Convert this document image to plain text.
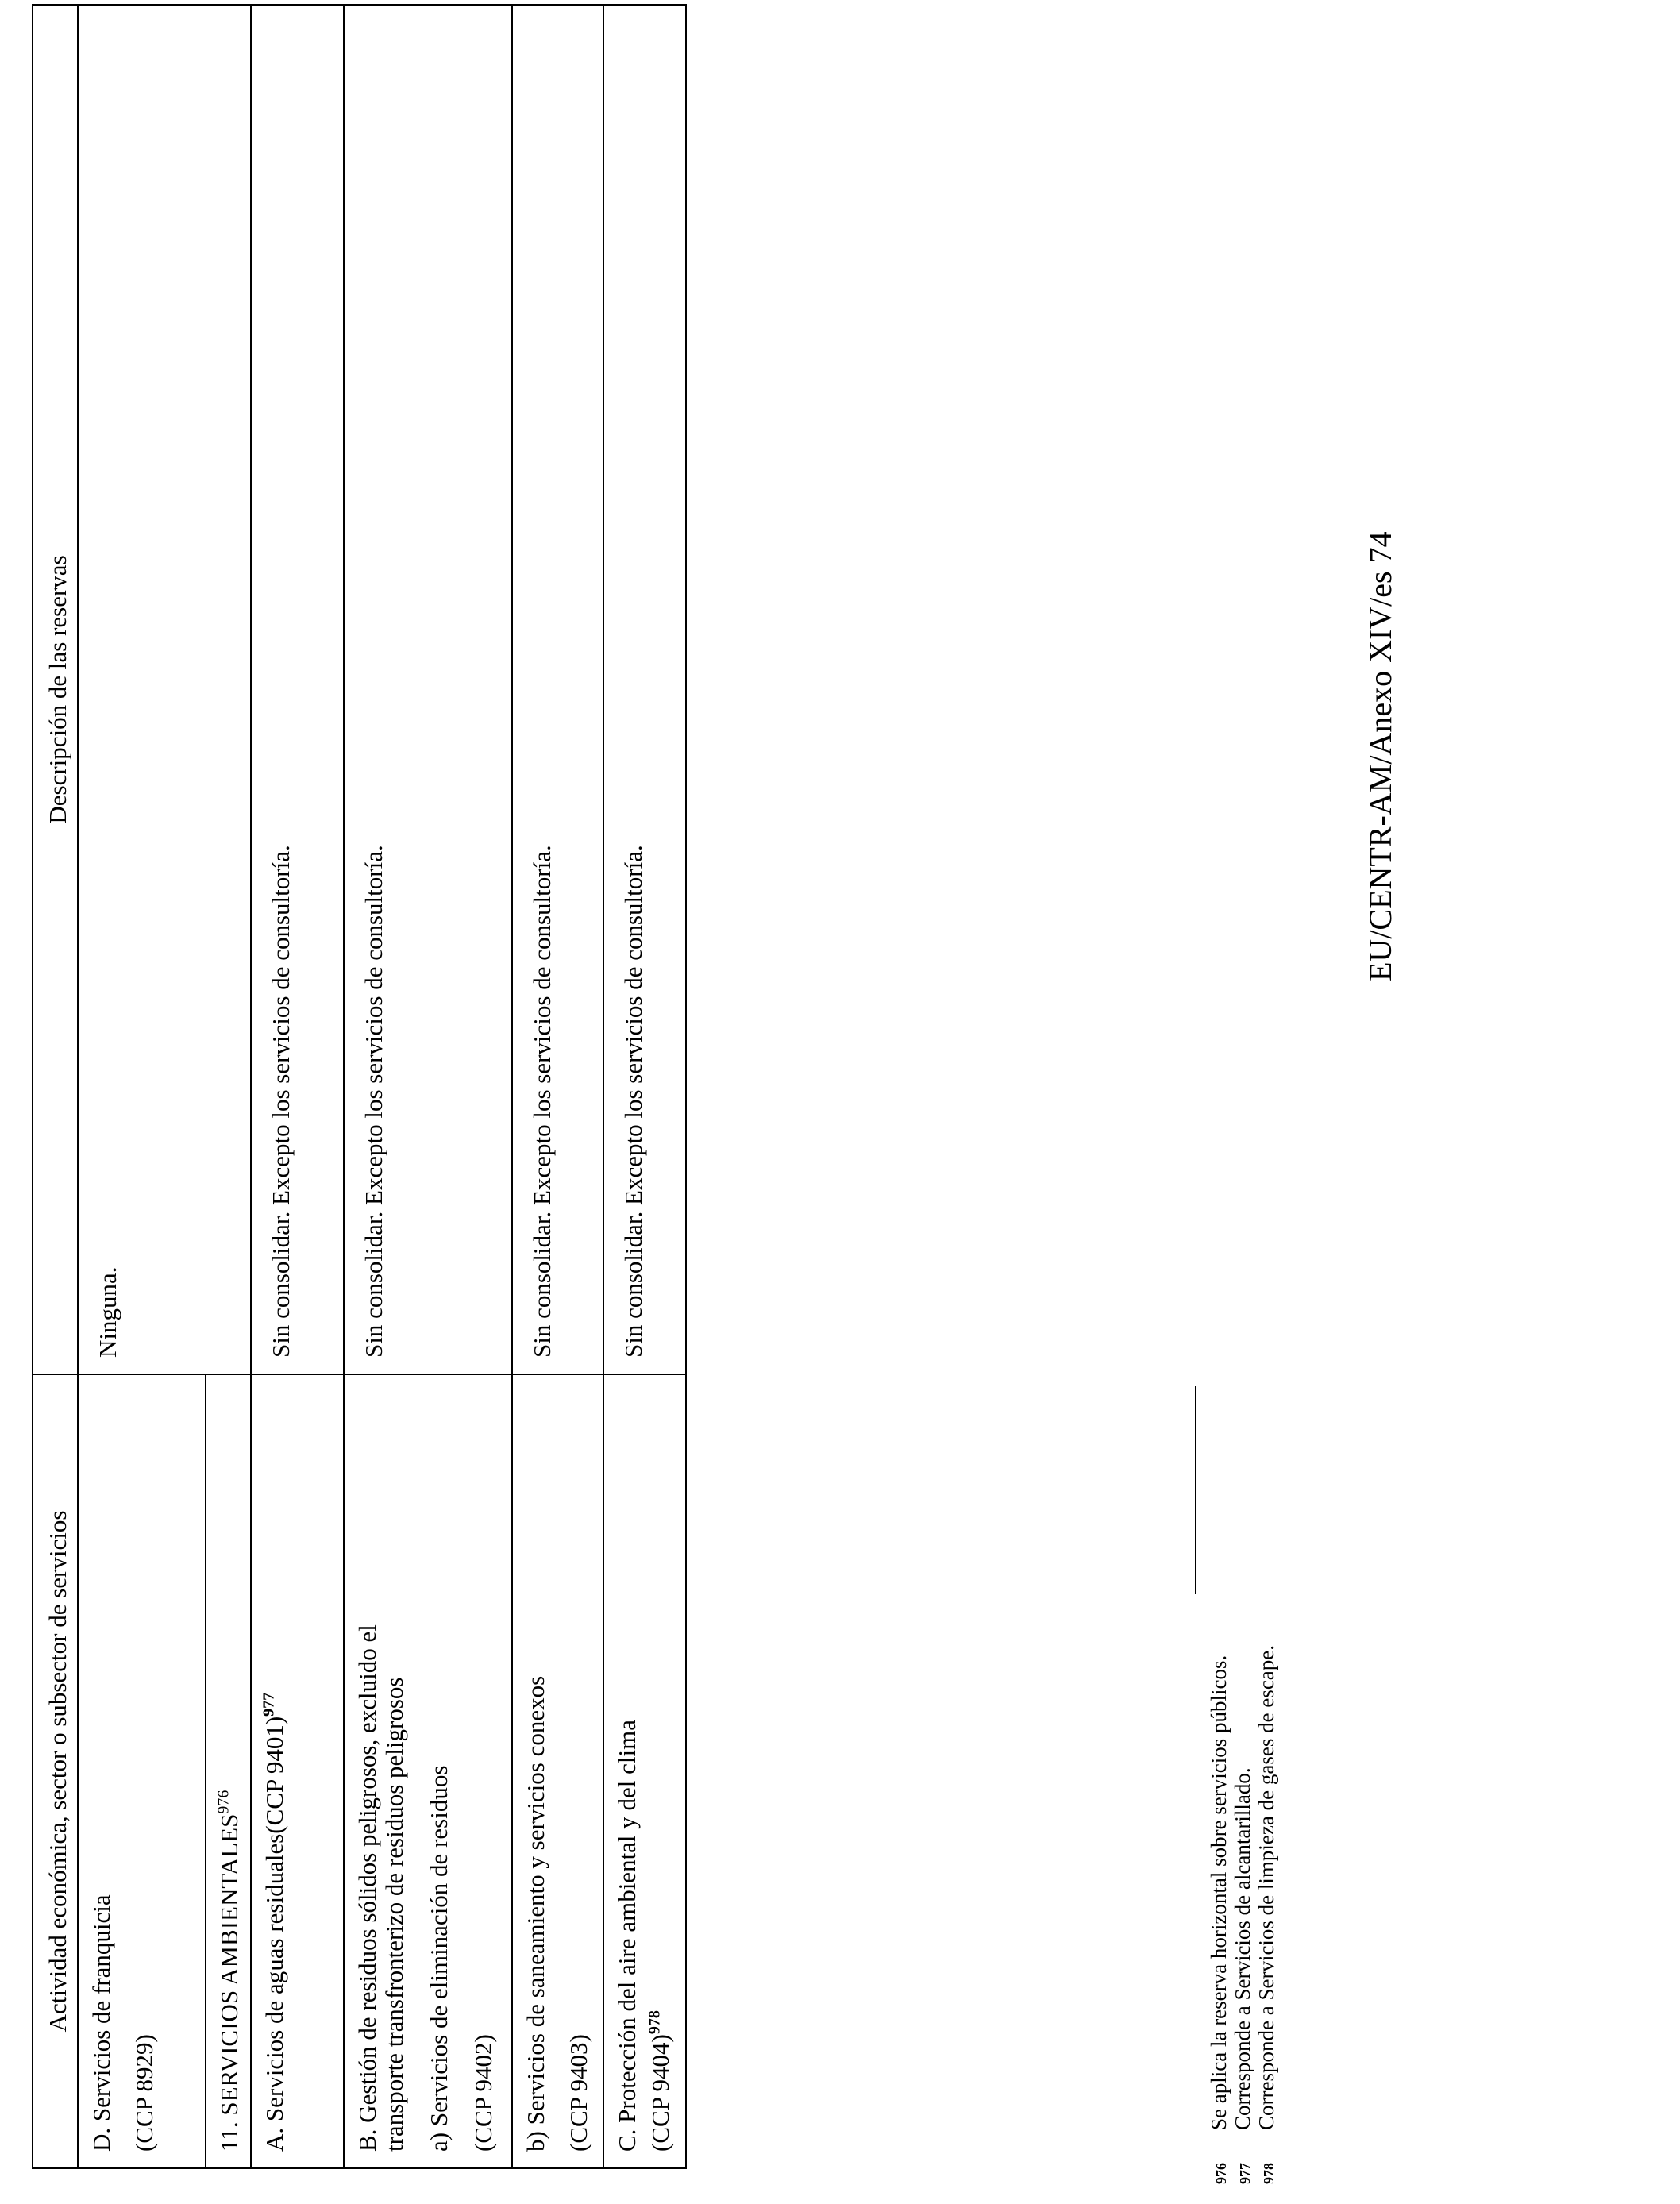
Actividad económica, sector o subsector de servicios	Descripción de las reservas

D. Servicios de franquicia (CCP 8929)	Ninguna.
11. SERVICIOS AMBIENTALES$^{976}$	
A. Servicios de aguas residuales(CCP 9401)$^{977}$	Sin consolidar. Excepto los servicios de consultoría.

B. Gestión de residuos sólidos peligrosos, excluido el transporte transfronterizo de residuos peligrosos a) Servicios de eliminación de residuos (CCP 9402)	Sin consolidar. Excepto los servicios de consultoría.

b) Servicios de saneamiento y servicios conexos (CCP 9403)	Sin consolidar. Excepto los servicios de consultoría.

C. Protección del aire ambiental y del clima (CCP 9404)$^{978}$	Sin consolidar. Excepto los servicios de consultoría.
EU/CENTR-AM/Anexo XIV/es 74
976Se aplica la reserva horizontal sobre servicios públicos.
977Corresponde a Servicios de alcantarillado.
978Corresponde a Servicios de limpieza de gases de escape.
